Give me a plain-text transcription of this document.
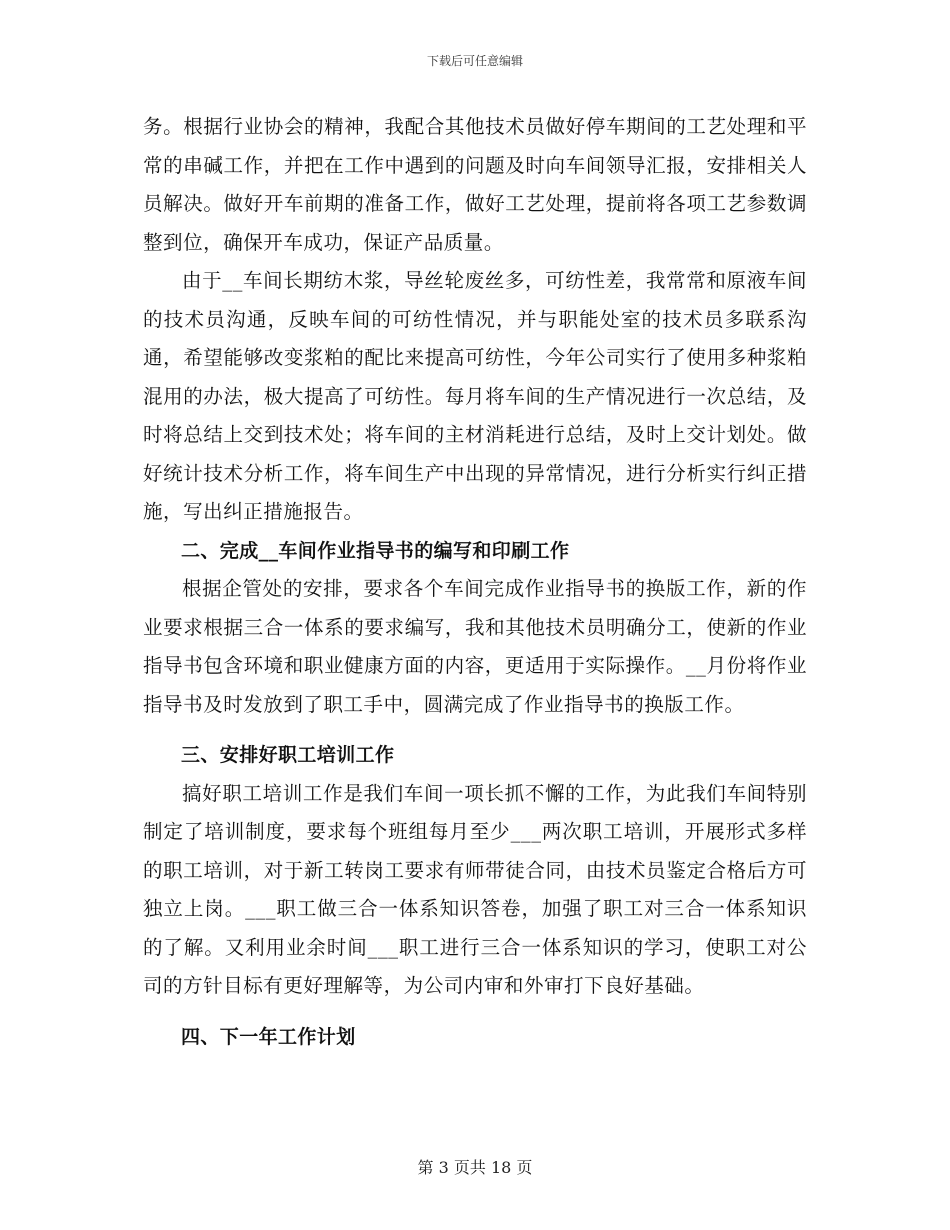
下载后可任意编辑

务。根据行业协会的精神，我配合其他技术员做好停车期间的工艺处理和平常的串碱工作，并把在工作中遇到的问题及时向车间领导汇报，安排相关人员解决。做好开车前期的准备工作，做好工艺处理，提前将各项工艺参数调整到位，确保开车成功，保证产品质量。

由于__车间长期纺木浆，导丝轮废丝多，可纺性差，我常常和原液车间的技术员沟通，反映车间的可纺性情况，并与职能处室的技术员多联系沟通，希望能够改变浆粕的配比来提高可纺性，今年公司实行了使用多种浆粕混用的办法，极大提高了可纺性。每月将车间的生产情况进行一次总结，及时将总结上交到技术处；将车间的主材消耗进行总结，及时上交计划处。做好统计技术分析工作，将车间生产中出现的异常情况，进行分析实行纠正措施，写出纠正措施报告。

二、完成__车间作业指导书的编写和印刷工作

根据企管处的安排，要求各个车间完成作业指导书的换版工作，新的作业要求根据三合一体系的要求编写，我和其他技术员明确分工，使新的作业指导书包含环境和职业健康方面的内容，更适用于实际操作。__月份将作业指导书及时发放到了职工手中，圆满完成了作业指导书的换版工作。

三、安排好职工培训工作

搞好职工培训工作是我们车间一项长抓不懈的工作，为此我们车间特别制定了培训制度，要求每个班组每月至少___两次职工培训，开展形式多样的职工培训，对于新工转岗工要求有师带徒合同，由技术员鉴定合格后方可独立上岗。___职工做三合一体系知识答卷，加强了职工对三合一体系知识的了解。又利用业余时间___职工进行三合一体系知识的学习，使职工对公司的方针目标有更好理解等，为公司内审和外审打下良好基础。

四、下一年工作计划

第 3 页共 18 页
